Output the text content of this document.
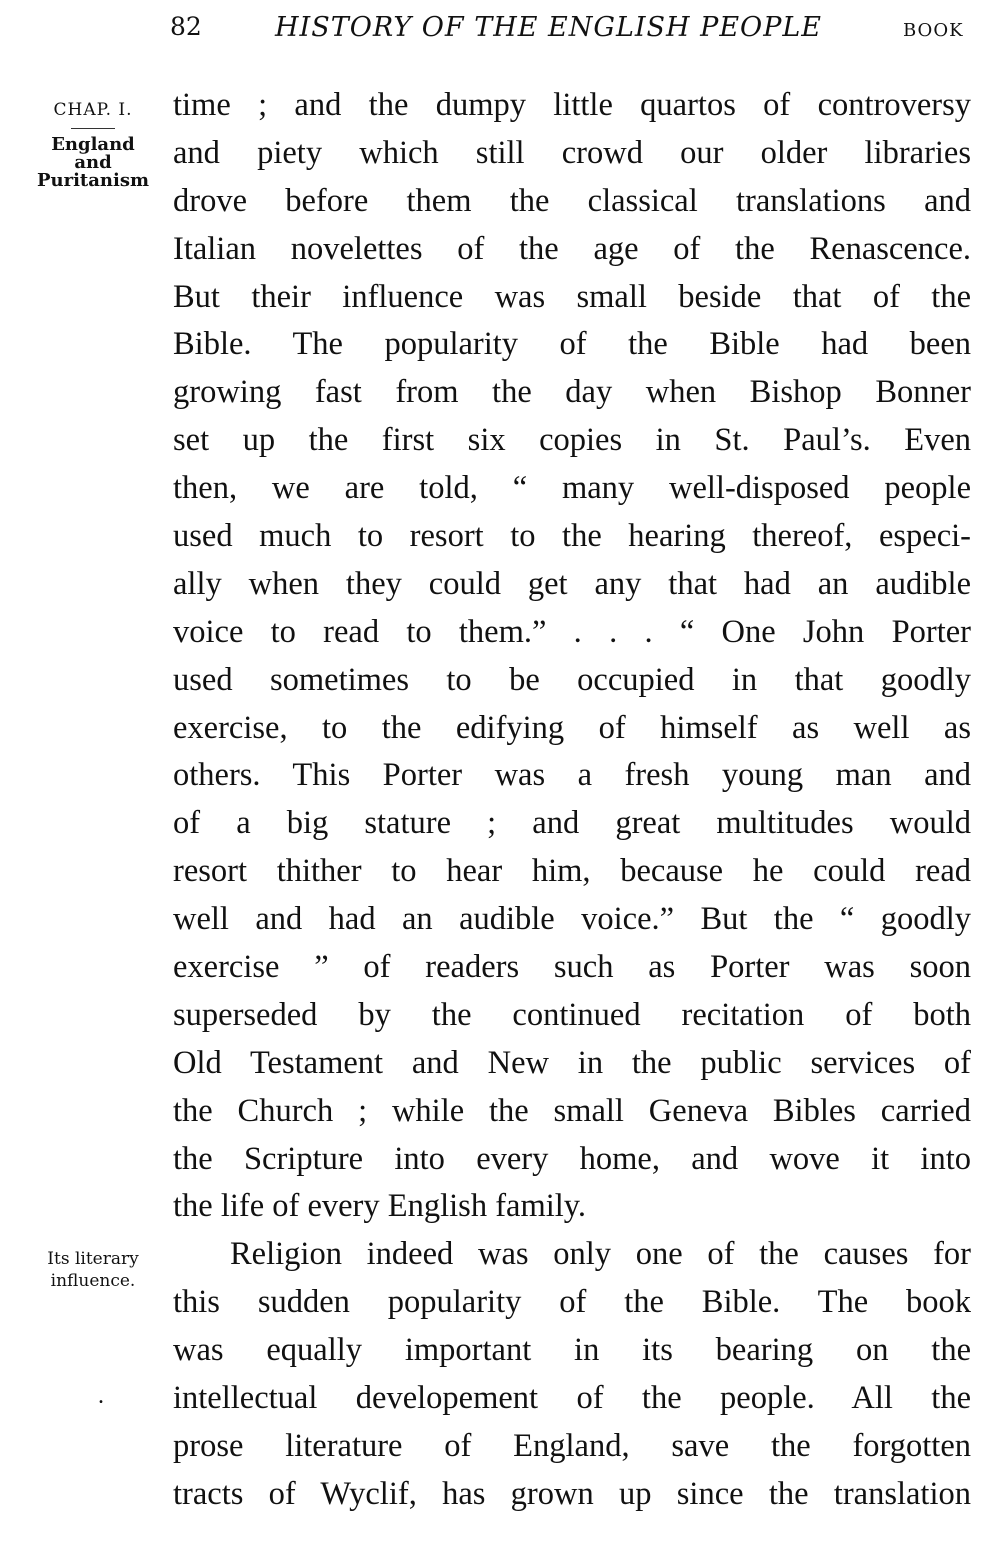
82	HISTORY OF THE ENGLISH PEOPLE	BOOK
CHAP. I.
England
and
Puritanism
Its literary
influence.
.
time ; and the dumpy little quartos of controversy
and piety which still crowd our older libraries
drove before them the classical translations and
Italian novelettes of the age of the Renascence.
But their influence was small beside that of the
Bible. The popularity of the Bible had been
growing fast from the day when Bishop Bonner
set up the first six copies in St. Paul’s. Even
then, we are told, “ many well-disposed people
used much to resort to the hearing thereof, especi-
ally when they could get any that had an audible
voice to read to them.” . . . “ One John Porter
used sometimes to be occupied in that goodly
exercise, to the edifying of himself as well as
others. This Porter was a fresh young man and
of a big stature ; and great multitudes would
resort thither to hear him, because he could read
well and had an audible voice.” But the “ goodly
exercise ” of readers such as Porter was soon
superseded by the continued recitation of both
Old Testament and New in the public services of
the Church ; while the small Geneva Bibles carried
the Scripture into every home, and wove it into
the life of every English family.
Religion indeed was only one of the causes for
this sudden popularity of the Bible. The book
was equally important in its bearing on the
intellectual developement of the people. All the
prose literature of England, save the forgotten
tracts of Wyclif, has grown up since the translation
